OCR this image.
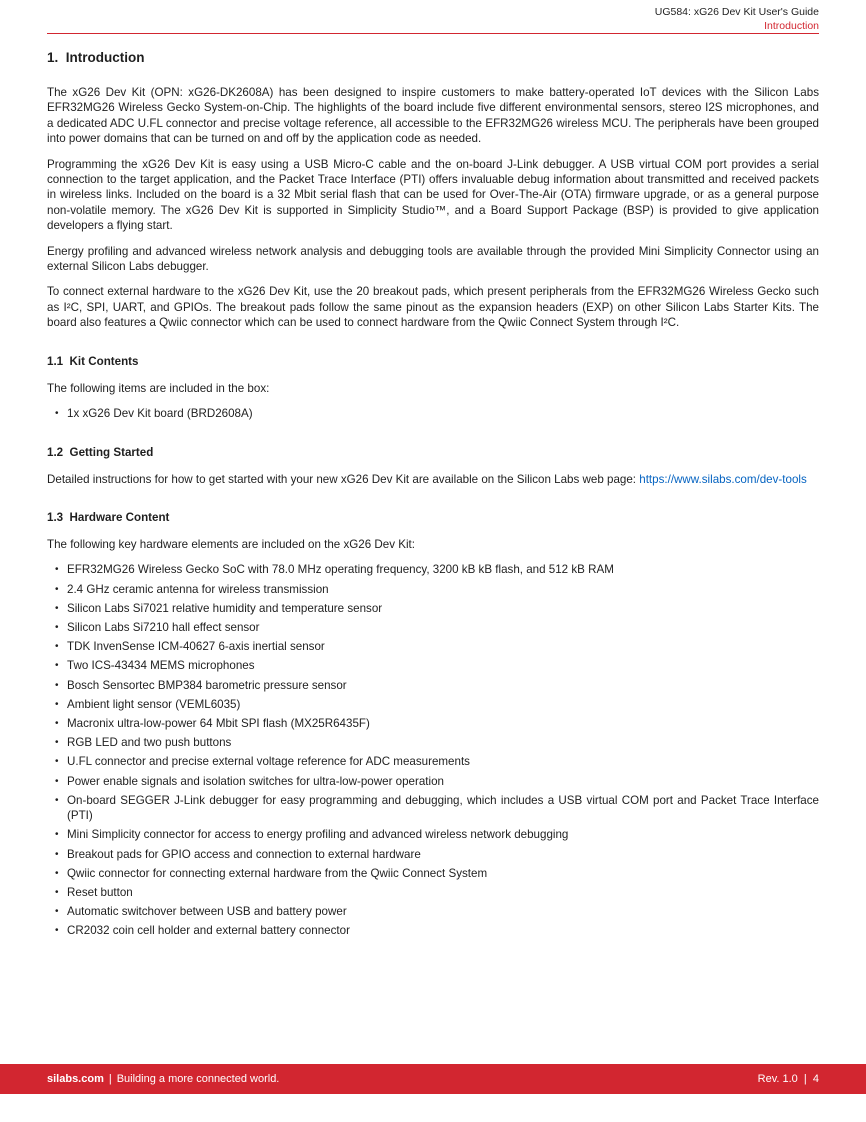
UG584: xG26 Dev Kit User's Guide
Introduction
1.  Introduction

The xG26 Dev Kit (OPN: xG26-DK2608A) has been designed to inspire customers to make battery-operated IoT devices with the Silicon Labs EFR32MG26 Wireless Gecko System-on-Chip. The highlights of the board include five different environmental sensors, stereo I2S microphones, and a dedicated ADC U.FL connector and precise voltage reference, all accessible to the EFR32MG26 wireless MCU. The peripherals have been grouped into power domains that can be turned on and off by the application code as needed.

Programming the xG26 Dev Kit is easy using a USB Micro-C cable and the on-board J-Link debugger. A USB virtual COM port provides a serial connection to the target application, and the Packet Trace Interface (PTI) offers invaluable debug information about transmitted and received packets in wireless links. Included on the board is a 32 Mbit serial flash that can be used for Over-The-Air (OTA) firmware upgrade, or as a general purpose non-volatile memory. The xG26 Dev Kit is supported in Simplicity Studio™, and a Board Support Package (BSP) is provided to give application developers a flying start.

Energy profiling and advanced wireless network analysis and debugging tools are available through the provided Mini Simplicity Connector using an external Silicon Labs debugger.

To connect external hardware to the xG26 Dev Kit, use the 20 breakout pads, which present peripherals from the EFR32MG26 Wireless Gecko such as I²C, SPI, UART, and GPIOs. The breakout pads follow the same pinout as the expansion headers (EXP) on other Silicon Labs Starter Kits. The board also features a Qwiic connector which can be used to connect hardware from the Qwiic Connect System through I²C.

1.1  Kit Contents

The following items are included in the box:

• 1x xG26 Dev Kit board (BRD2608A)
1.2  Getting Started

Detailed instructions for how to get started with your new xG26 Dev Kit are available on the Silicon Labs web page: https://www.silabs.com/dev-tools

1.3  Hardware Content

The following key hardware elements are included on the xG26 Dev Kit:

• EFR32MG26 Wireless Gecko SoC with 78.0 MHz operating frequency, 3200 kB kB flash, and 512 kB RAM
• 2.4 GHz ceramic antenna for wireless transmission
• Silicon Labs Si7021 relative humidity and temperature sensor
• Silicon Labs Si7210 hall effect sensor
• TDK InvenSense ICM-40627 6-axis inertial sensor
• Two ICS-43434 MEMS microphones
• Bosch Sensortec BMP384 barometric pressure sensor
• Ambient light sensor (VEML6035)
• Macronix ultra-low-power 64 Mbit SPI flash (MX25R6435F)
• RGB LED and two push buttons
• U.FL connector and precise external voltage reference for ADC measurements
• Power enable signals and isolation switches for ultra-low-power operation
• On-board SEGGER J-Link debugger for easy programming and debugging, which includes a USB virtual COM port and Packet Trace Interface (PTI)
• Mini Simplicity connector for access to energy profiling and advanced wireless network debugging
• Breakout pads for GPIO access and connection to external hardware
• Qwiic connector for connecting external hardware from the Qwiic Connect System
• Reset button
• Automatic switchover between USB and battery power
• CR2032 coin cell holder and external battery connector
silabs.com | Building a more connected world.	Rev. 1.0  |  4
